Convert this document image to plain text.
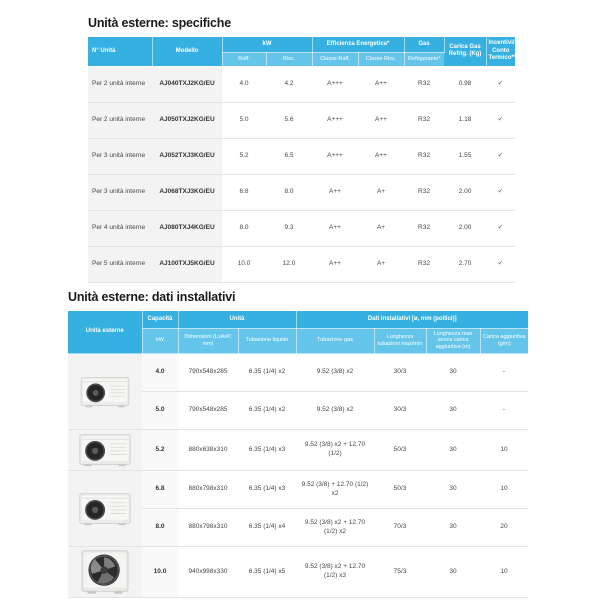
Unità esterne: specifiche
N° Unità	Modello	kW		Efficienza Energetica*		Gas	Carica Gas Refrig. (Kg)	Incentivi/ Conto Termico**
		Raff.	Risc.	Classe Raff.	Classe Risc.	Refrigerante*		
Per 2 unità interne	AJ040TXJ2KG/EU	4.0	4.2	A+++	A++	R32	0.98	✓
Per 2 unità interne	AJ050TXJ2KG/EU	5.0	5.6	A+++	A++	R32	1.18	✓
Per 3 unità interne	AJ052TXJ3KG/EU	5.2	6.5	A+++	A++	R32	1.55	✓
Per 3 unità interne	AJ068TXJ3KG/EU	6.8	8.0	A++	A+	R32	2.00	✓
Per 4 unità interne	AJ080TXJ4KG/EU	8.0	9.3	A++	A+	R32	2.00	✓
Per 5 unità interne	AJ100TXJ5KG/EU	10.0	12.0	A++	A+	R32	2.70	✓
Unità esterne: dati installativi
Unità esterne	Capacità	Unità		Dati installativi [ø, mm (pollici)]			
	kW	Dimensioni (LxAxP, mm)	Tubazione liquido	Tubazione gas	Lunghezza tubazioni max/min	Lunghezza max senza carica aggiuntiva (m)	Carica aggiuntiva (g/m)

	4.0	790x548x285	6.35 (1/4) x2	9.52 (3/8) x2	30/3	30	-
	5.0	790x548x285	6.35 (1/4) x2	9.52 (3/8) x2	30/3	30	-

	5.2	880x638x310	6.35 (1/4) x3	9.52 (3/8) x2 + 12.70 (1/2)	50/3	30	10

	6.8	880x798x310	6.35 (1/4) x3	9.52 (3/8) + 12.70 (1/2) x2	50/3	30	10
	8.0	880x798x310	6.35 (1/4) x4	9.52 (3/8) x2 + 12.70 (1/2) x2	70/3	30	20

	10.0	940x998x330	6.35 (1/4) x5	9.52 (3/8) x2 + 12.70 (1/2) x3	75/3	30	10
